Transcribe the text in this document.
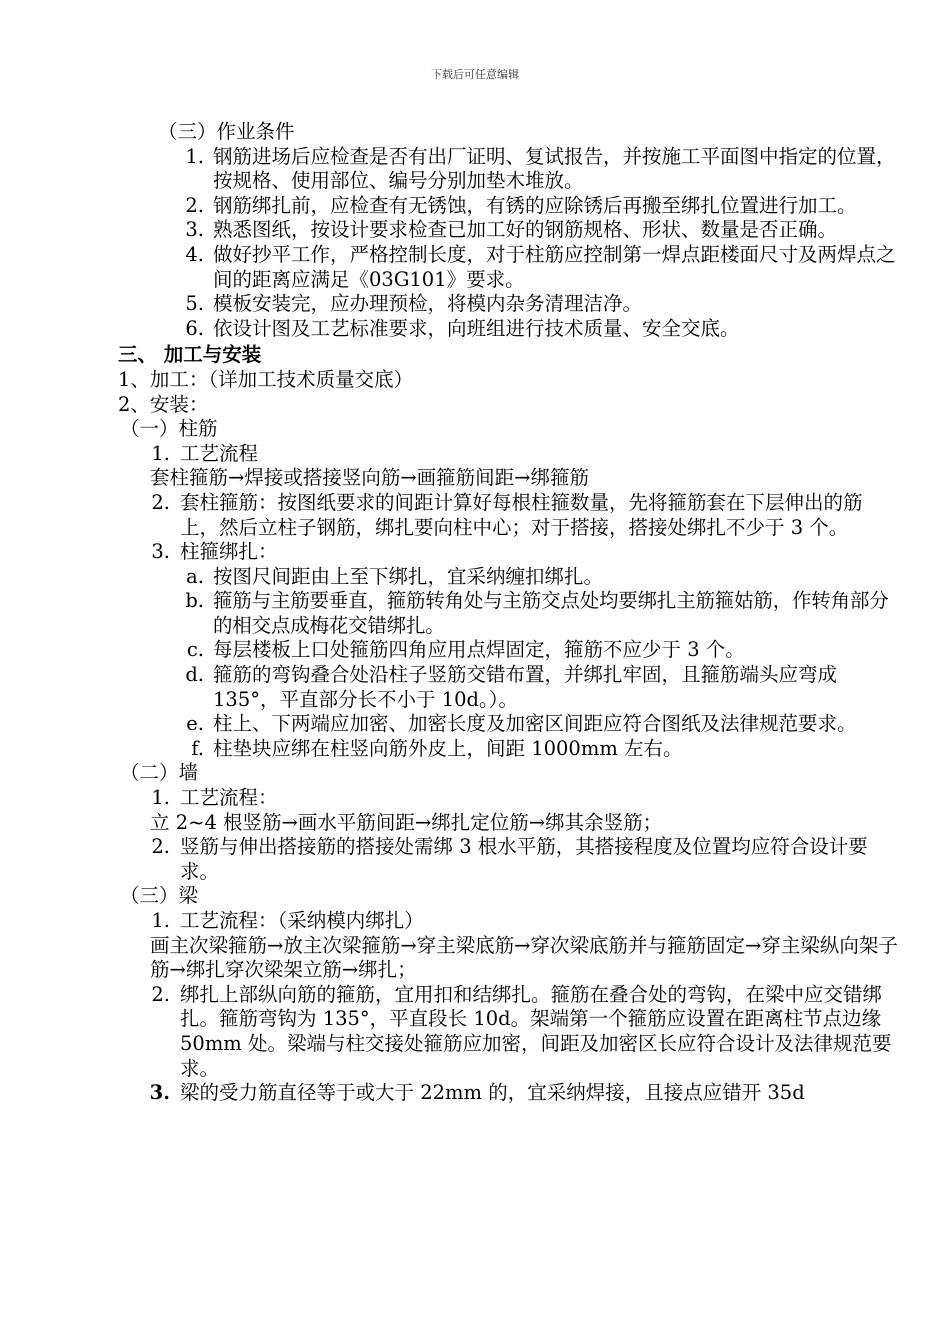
下载后可任意编辑
（三）作业条件
1. 钢筋进场后应检查是否有出厂证明、复试报告，并按施工平面图中指定的位置，按规格、使用部位、编号分别加垫木堆放。
2. 钢筋绑扎前，应检查有无锈蚀，有锈的应除锈后再搬至绑扎位置进行加工。
3. 熟悉图纸，按设计要求检查已加工好的钢筋规格、形状、数量是否正确。
4. 做好抄平工作，严格控制长度，对于柱筋应控制第一焊点距楼面尺寸及两焊点之间的距离应满足《03G101》要求。
5. 模板安装完，应办理预检，将模内杂务清理洁净。
6. 依设计图及工艺标准要求，向班组进行技术质量、安全交底。
三、 加工与安装
1、加工：（详加工技术质量交底）
2、安装：
（一）柱筋
1. 工艺流程
套柱箍筋→焊接或搭接竖向筋→画箍筋间距→绑箍筋
2. 套柱箍筋：按图纸要求的间距计算好每根柱箍数量，先将箍筋套在下层伸出的筋上，然后立柱子钢筋，绑扎要向柱中心；对于搭接，搭接处绑扎不少于 3 个。
3. 柱箍绑扎：
a. 按图尺间距由上至下绑扎，宜采纳缠扣绑扎。
b. 箍筋与主筋要垂直，箍筋转角处与主筋交点处均要绑扎主筋箍姑筋，作转角部分的相交点成梅花交错绑扎。
c. 每层楼板上口处箍筋四角应用点焊固定，箍筋不应少于 3 个。
d. 箍筋的弯钩叠合处沿柱子竖筋交错布置，并绑扎牢固，且箍筋端头应弯成 135°，平直部分长不小于 10d。）。
e. 柱上、下两端应加密、加密长度及加密区间距应符合图纸及法律规范要求。
f. 柱垫块应绑在柱竖向筋外皮上，间距 1000mm 左右。
（二）墙
1. 工艺流程：
立 2~4 根竖筋→画水平筋间距→绑扎定位筋→绑其余竖筋；
2. 竖筋与伸出搭接筋的搭接处需绑 3 根水平筋，其搭接程度及位置均应符合设计要求。
（三）梁
1. 工艺流程：（采纳模内绑扎）
画主次梁箍筋→放主次梁箍筋→穿主梁底筋→穿次梁底筋并与箍筋固定→穿主梁纵向架子筋→绑扎穿次梁架立筋→绑扎；
2. 绑扎上部纵向筋的箍筋，宜用扣和结绑扎。箍筋在叠合处的弯钩，在梁中应交错绑扎。箍筋弯钩为 135°，平直段长 10d。架端第一个箍筋应设置在距离柱节点边缘 50mm 处。梁端与柱交接处箍筋应加密，间距及加密区长应符合设计及法律规范要求。
3. 梁的受力筋直径等于或大于 22mm 的，宜采纳焊接，且接点应错开 35d
